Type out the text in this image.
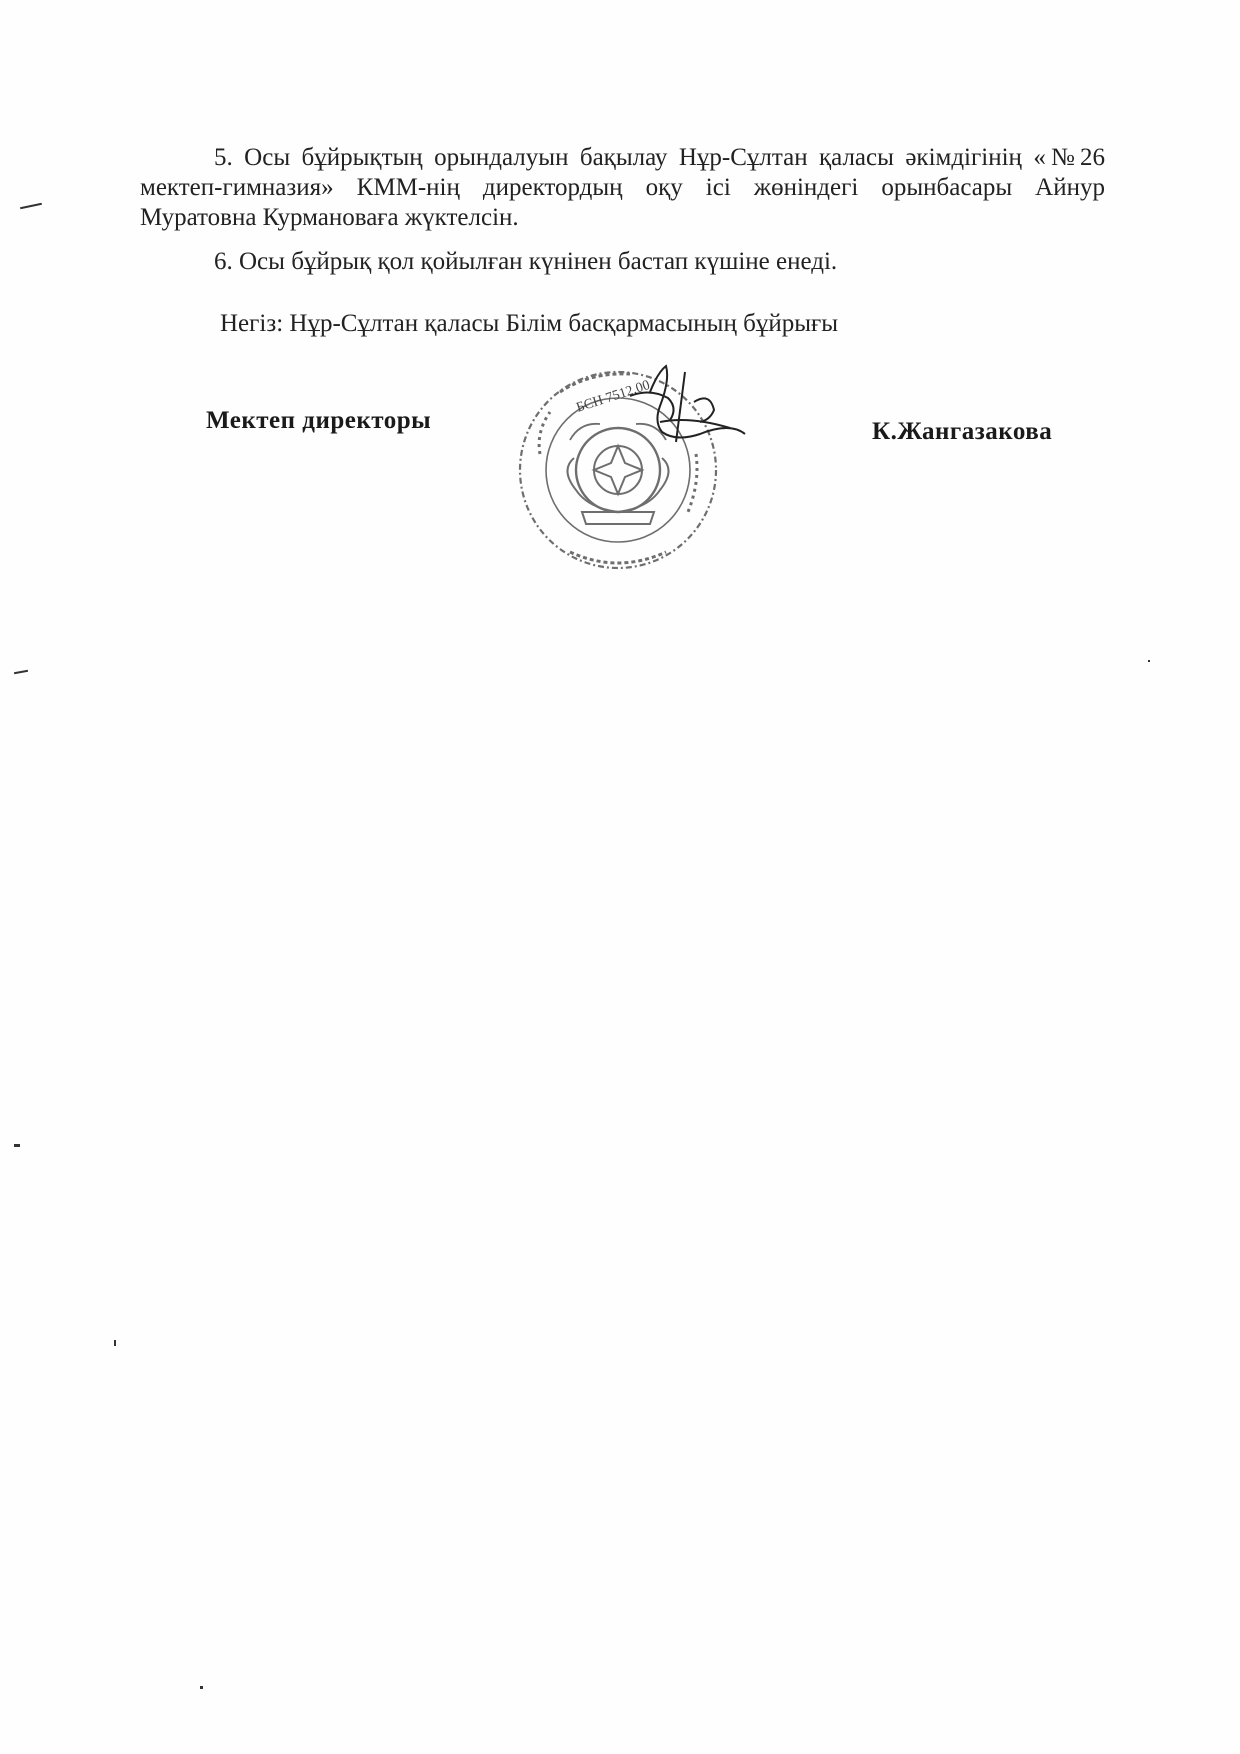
5. Осы бұйрықтың орындалуын бақылау Нұр-Сұлтан қаласы әкімдігінің «№26 мектеп-гимназия» КММ-нің директордың оқу ісі жөніндегі орынбасары Айнур Муратовна Курмановаға жүктелсін.
6. Осы бұйрық қол қойылған күнінен бастап күшіне енеді.
Негіз: Нұр-Сұлтан қаласы Білім басқармасының бұйрығы
Мектеп директоры	К.Жангазакова
БСН 7512.00
